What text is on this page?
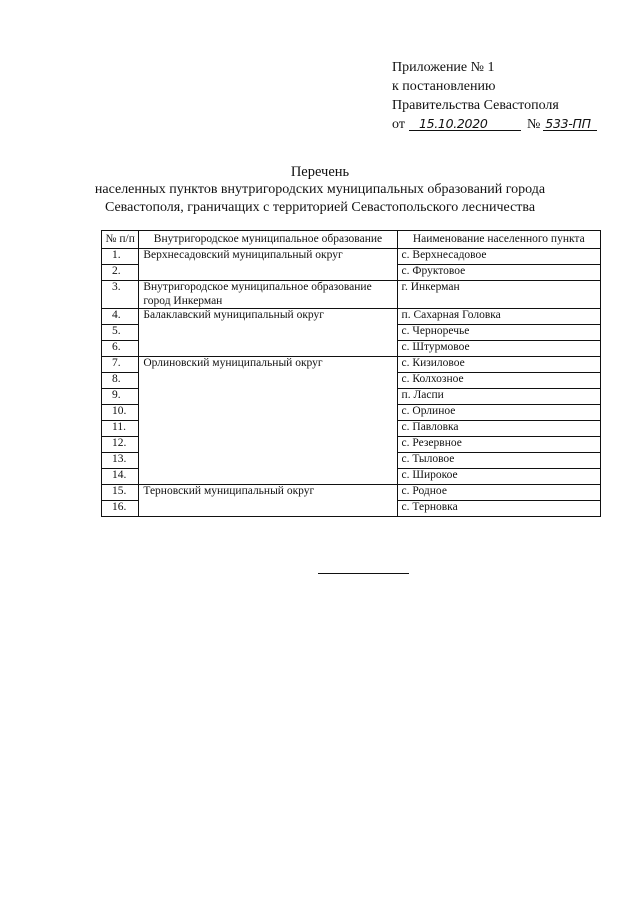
Приложение № 1
к постановлению
Правительства Севастополя
от 15.10.2020	№ 533-ПП
Перечень
населенных пунктов внутригородских муниципальных образований города
Севастополя, граничащих с территорией Севастопольского лесничества
№ п/п	Внутригородское муниципальное образование	Наименование населенного пункта
1.	Верхнесадовский муниципальный округ	с. Верхнесадовое
2.		с. Фруктовое
3.	Внутригородское муниципальное образование город Инкерман	г. Инкерман
4.	Балаклавский муниципальный округ	п. Сахарная Головка
5.		с. Черноречье
6.		с. Штурмовое
7.	Орлиновский муниципальный округ	с. Кизиловое
8.		с. Колхозное
9.		п. Ласпи
10.		с. Орлиное
11.		с. Павловка
12.		с. Резервное
13.		с. Тыловое
14.		с. Широкое
15.	Терновский муниципальный округ	с. Родное
16.		с. Терновка
